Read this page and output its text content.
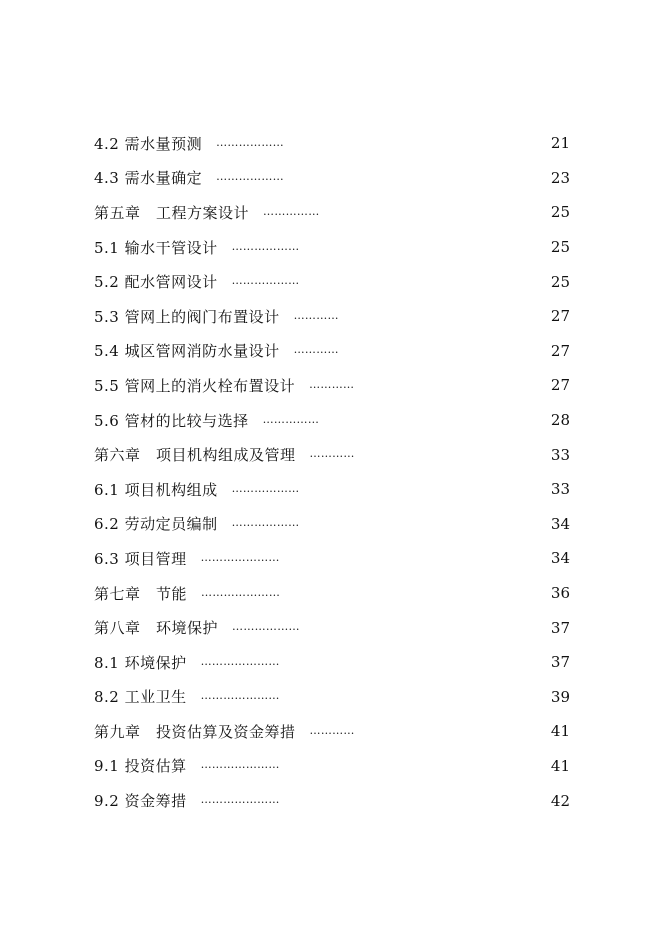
4.2 需水量预测 ………………	21
4.3 需水量确定 ………………	23
第五章　工程方案设计 ……………	25
5.1 输水干管设计 ………………	25
5.2 配水管网设计 ………………	25
5.3 管网上的阀门布置设计 …………	27
5.4 城区管网消防水量设计 …………	27
5.5 管网上的消火栓布置设计 …………	27
5.6 管材的比较与选择 ……………	28
第六章　项目机构组成及管理 …………	33
6.1 项目机构组成 ………………	33
6.2 劳动定员编制 ………………	34
6.3 项目管理 …………………	34
第七章　节能 …………………	36
第八章　环境保护 ………………	37
8.1 环境保护 …………………	37
8.2 工业卫生 …………………	39
第九章　投资估算及资金筹措 …………	41
9.1 投资估算 …………………	41
9.2 资金筹措 …………………	42
